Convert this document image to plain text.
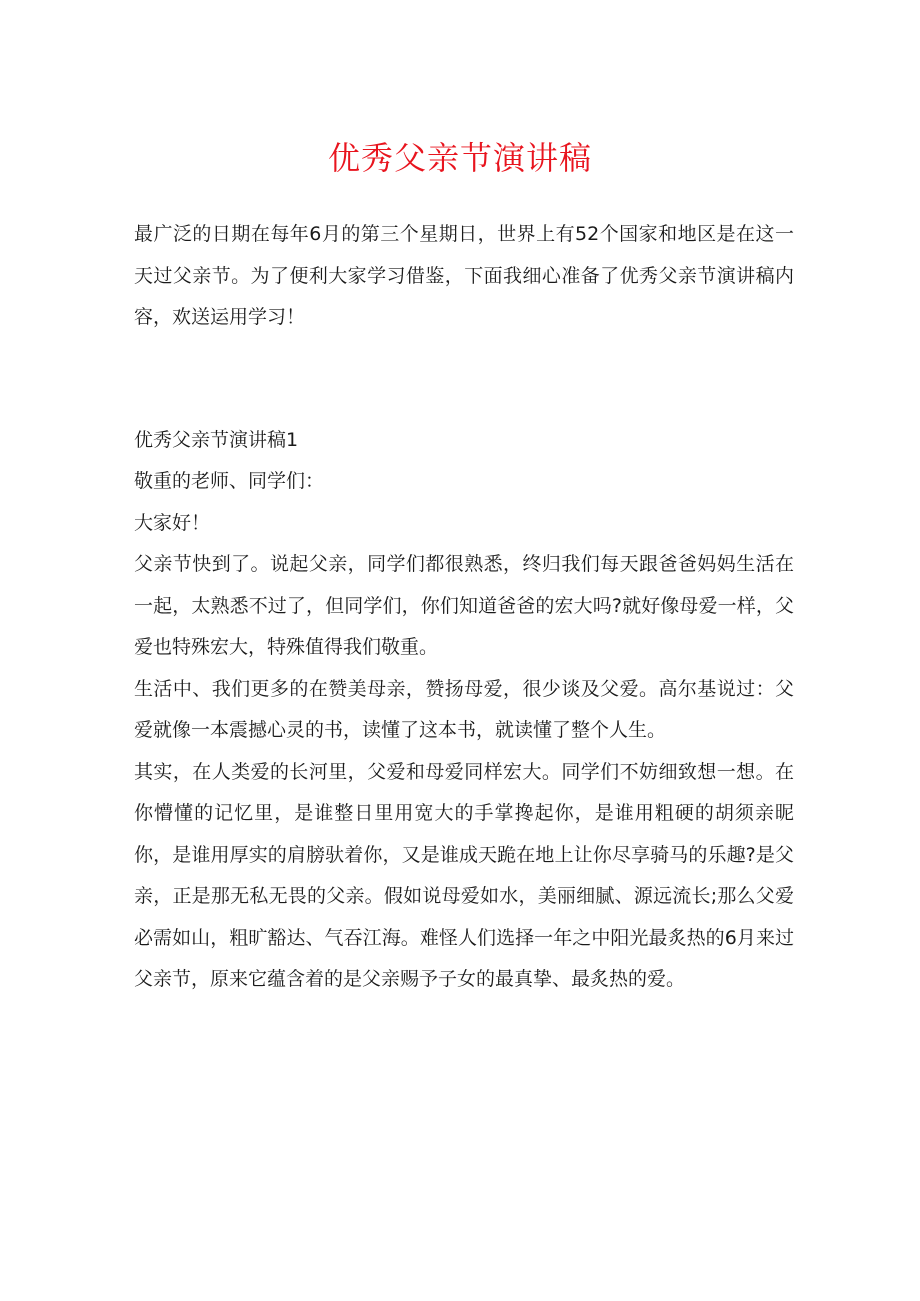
优秀父亲节演讲稿

最广泛的日期在每年6月的第三个星期日，世界上有52个国家和地区是在这一天过父亲节。为了便利大家学习借鉴，下面我细心准备了优秀父亲节演讲稿内容，欢送运用学习！

优秀父亲节演讲稿1

敬重的老师、同学们：

大家好！

父亲节快到了。说起父亲，同学们都很熟悉，终归我们每天跟爸爸妈妈生活在一起，太熟悉不过了，但同学们，你们知道爸爸的宏大吗?就好像母爱一样，父爱也特殊宏大，特殊值得我们敬重。

生活中、我们更多的在赞美母亲，赞扬母爱，很少谈及父爱。高尔基说过：父爱就像一本震撼心灵的书，读懂了这本书，就读懂了整个人生。

其实，在人类爱的长河里，父爱和母爱同样宏大。同学们不妨细致想一想。在你懵懂的记忆里，是谁整日里用宽大的手掌搀起你，是谁用粗硬的胡须亲昵你，是谁用厚实的肩膀驮着你，又是谁成天跪在地上让你尽享骑马的乐趣?是父亲，正是那无私无畏的父亲。假如说母爱如水，美丽细腻、源远流长;那么父爱必需如山，粗旷豁达、气吞江海。难怪人们选择一年之中阳光最炙热的6月来过父亲节，原来它蕴含着的是父亲赐予子女的最真挚、最炙热的爱。
